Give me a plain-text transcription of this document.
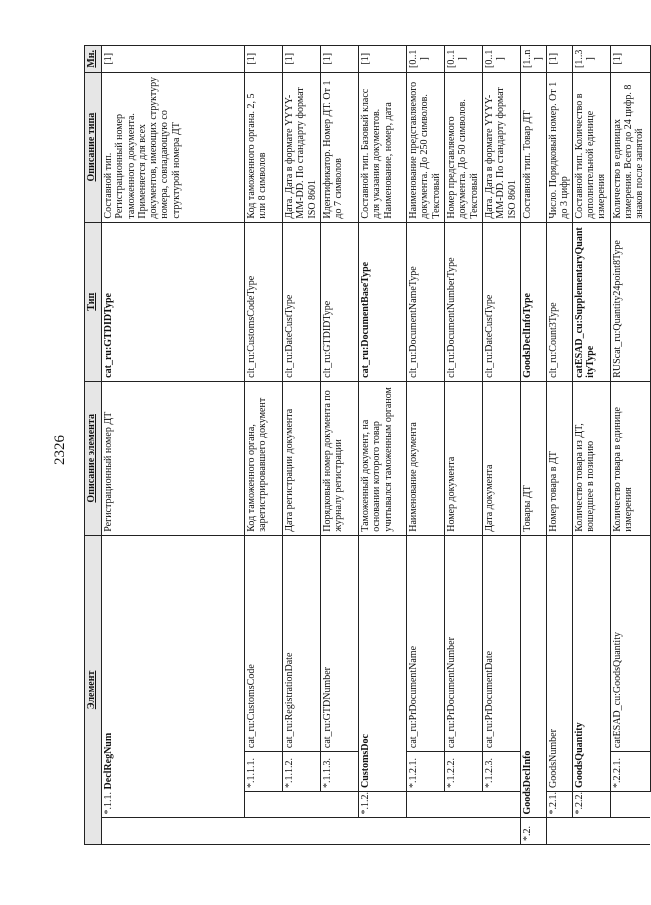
2326
Элемент				Описание элемента	Тип	Описание типа	Мн.
	*.1.1. DeclRegNum			Регистрационный номер ДТ	cat_ru:GTDIDType	Составной тип. Регистрационный номер таможенного документа. Применяется для всех документов, имеющих структуру номера, совпадающую со структурой номера ДТ	[1]
		*.1.1.1.	cat_ru:CustomsCode	Код таможенного органа, зарегистрировавшего документ	clt_ru:CustomsCodeType	Код таможенного органа. 2, 5 или 8 символов	[1]
		*.1.1.2.	cat_ru:RegistrationDate	Дата регистрации документа	clt_ru:DateCustType	Дата. Дата в формате YYYY-MM-DD. По стандарту формат ISO 8601	[1]
		*.1.1.3.	cat_ru:GTDNumber	Порядковый номер документа по журналу регистрации	clt_ru:GTDIDType	Идентификатор. Номер ДТ. От 1 до 7 символов	[1]
	*.1.2.	CustomsDoc		Таможенный документ, на основании которого товар учитывался таможенным органом	cat_ru:DocumentBaseType	Составной тип. Базовый класс для указания документов. Наименование, номер, дата	[1]
		*.1.2.1.	cat_ru:PrDocumentName	Наименование документа	clt_ru:DocumentNameType	Наименование представляемого документа. До 250 символов. Текстовый	[0..1]
		*.1.2.2.	cat_ru:PrDocumentNumber	Номер документа	clt_ru:DocumentNumberType	Номер представляемого документа. До 50 символов. Текстовый	[0..1]
		*.1.2.3.	cat_ru:PrDocumentDate	Дата документа	clt_ru:DateCustType	Дата. Дата в формате YYYY-MM-DD. По стандарту формат ISO 8601	[0..1]
*.2.	GoodsDeclInfo			Товары ДТ	GoodsDeclInfoType	Составной тип. Товар ДТ	[1..n]
	*.2.1.	GoodsNumber		Номер товара в ДТ	clt_ru:Count3Type	Число. Порядковый номер. От 1 до 3 цифр	[1]
	*.2.2.	GoodsQuantity		Количество товара из ДТ, вошедшее в позицию	catESAD_cu:SupplementaryQuantityType	Составной тип. Количество в дополнительной единице измерения	[1..3]
		*.2.2.1.	catESAD_cu:GoodsQuantity	Количество товара в единице измерения	RUScat_ru:Quantity24point8Type	Количество в единицах измерения. Всего до 24 цифр. 8 знаков после запятой	[1]
